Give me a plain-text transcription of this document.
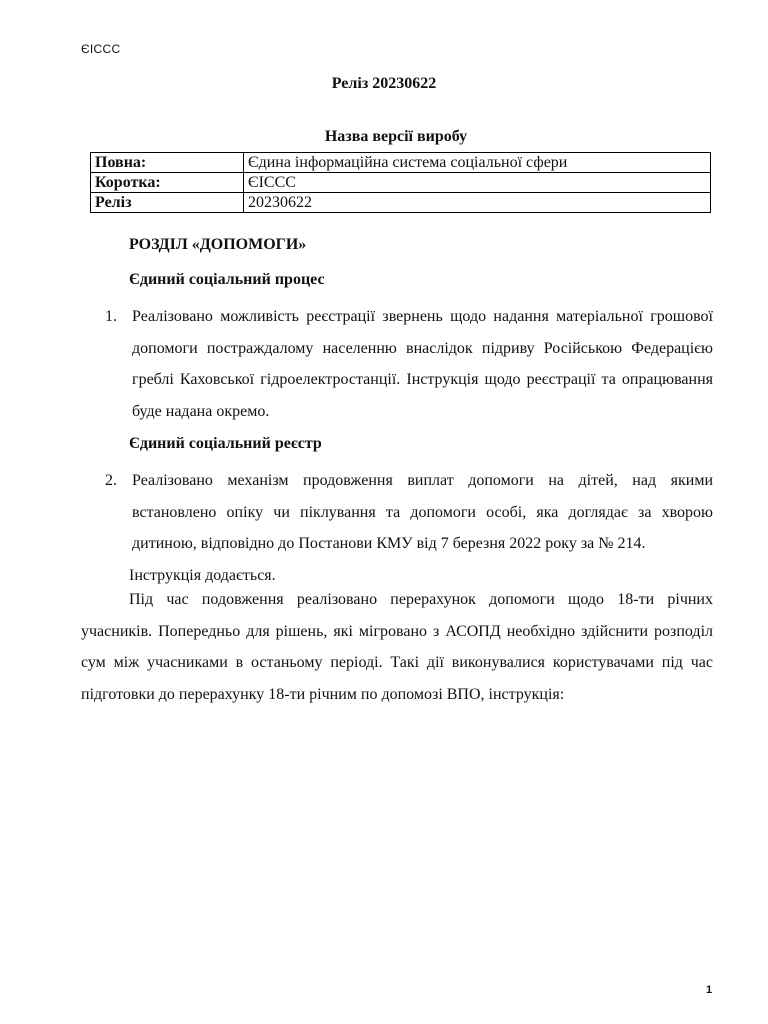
ЄІССС
Реліз 20230622
Назва версії виробу
Повна:	Єдина інформаційна система соціальної сфери
Коротка:	ЄІССС
Реліз	20230622
РОЗДІЛ «ДОПОМОГИ»
Єдиний соціальний процес
1. Реалізовано можливість реєстрації звернень щодо надання матеріальної грошової допомоги постраждалому населенню внаслідок підриву Російською Федерацією греблі Каховської гідроелектростанції. Інструкція щодо реєстрації та опрацювання буде надана окремо.
Єдиний соціальний реєстр
2. Реалізовано механізм продовження виплат допомоги на дітей, над якими встановлено опіку чи піклування та допомоги особі, яка доглядає за хворою дитиною, відповідно до Постанови КМУ від 7 березня 2022 року за № 214.
Інструкція додається.
Під час подовження реалізовано перерахунок допомоги щодо 18-ти річних учасників. Попередньо для рішень, які мігровано з АСОПД необхідно здійснити розподіл сум між учасниками в останьому періоді. Такі дії виконувалися користувачами під час підготовки до перерахунку 18-ти річним по допомозі ВПО, інструкція:
1
